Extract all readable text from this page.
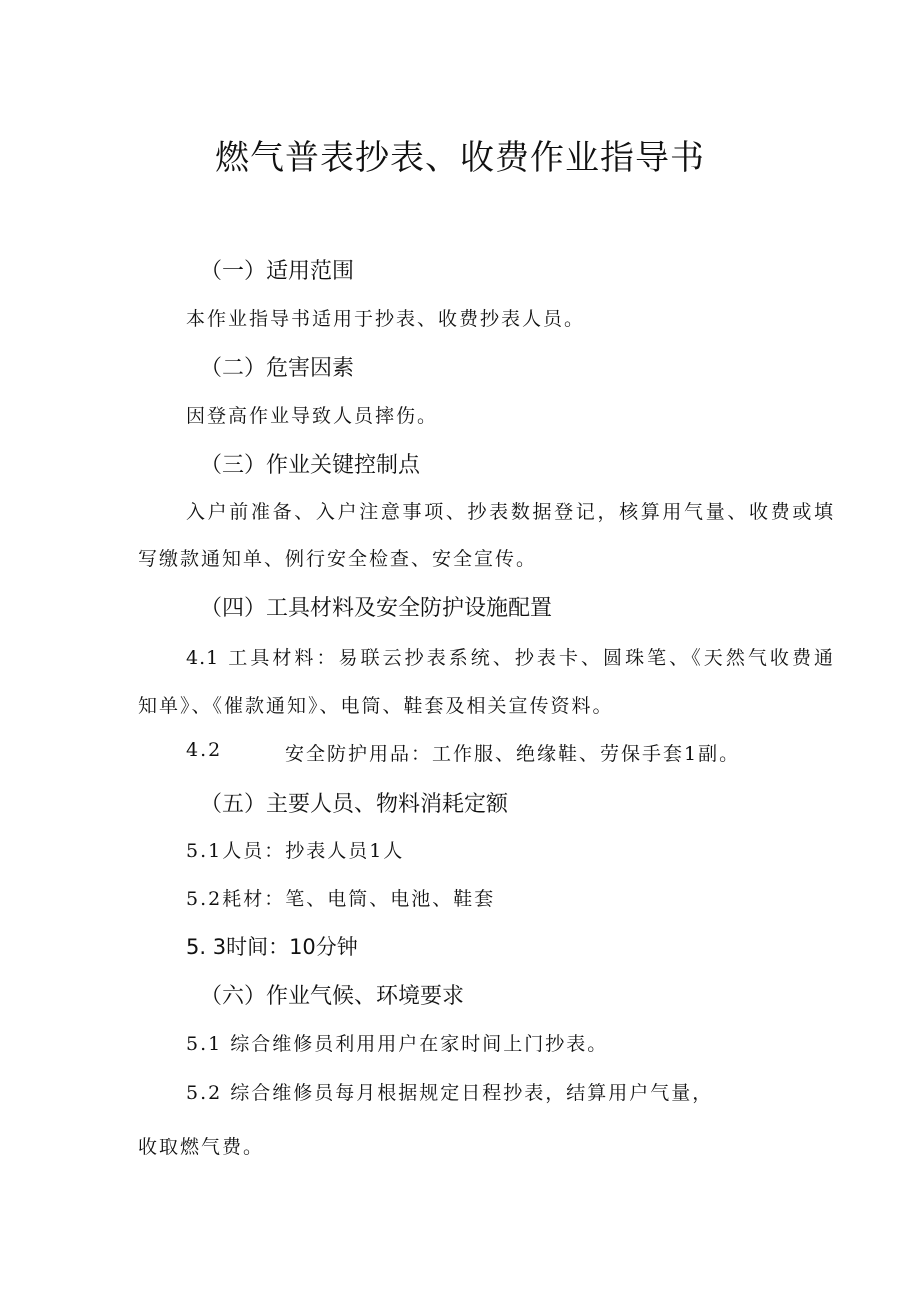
燃气普表抄表、收费作业指导书
（一）适用范围
本作业指导书适用于抄表、收费抄表人员。
（二）危害因素
因登高作业导致人员摔伤。
（三）作业关键控制点
入户前准备、入户注意事项、抄表数据登记，核算用气量、收费或填
写缴款通知单、例行安全检查、安全宣传。
（四）工具材料及安全防护设施配置
4.1 工具材料：易联云抄表系统、抄表卡、圆珠笔、《天然气收费通
知单》、《催款通知》、电筒、鞋套及相关宣传资料。
4.2	安全防护用品：工作服、绝缘鞋、劳保手套1副。
（五）主要人员、物料消耗定额
5.1人员：抄表人员1人
5.2耗材：笔、电筒、电池、鞋套
5. 3时间：10分钟
（六）作业气候、环境要求
5.1 综合维修员利用用户在家时间上门抄表。
5.2 综合维修员每月根据规定日程抄表，结算用户气量，
收取燃气费。
